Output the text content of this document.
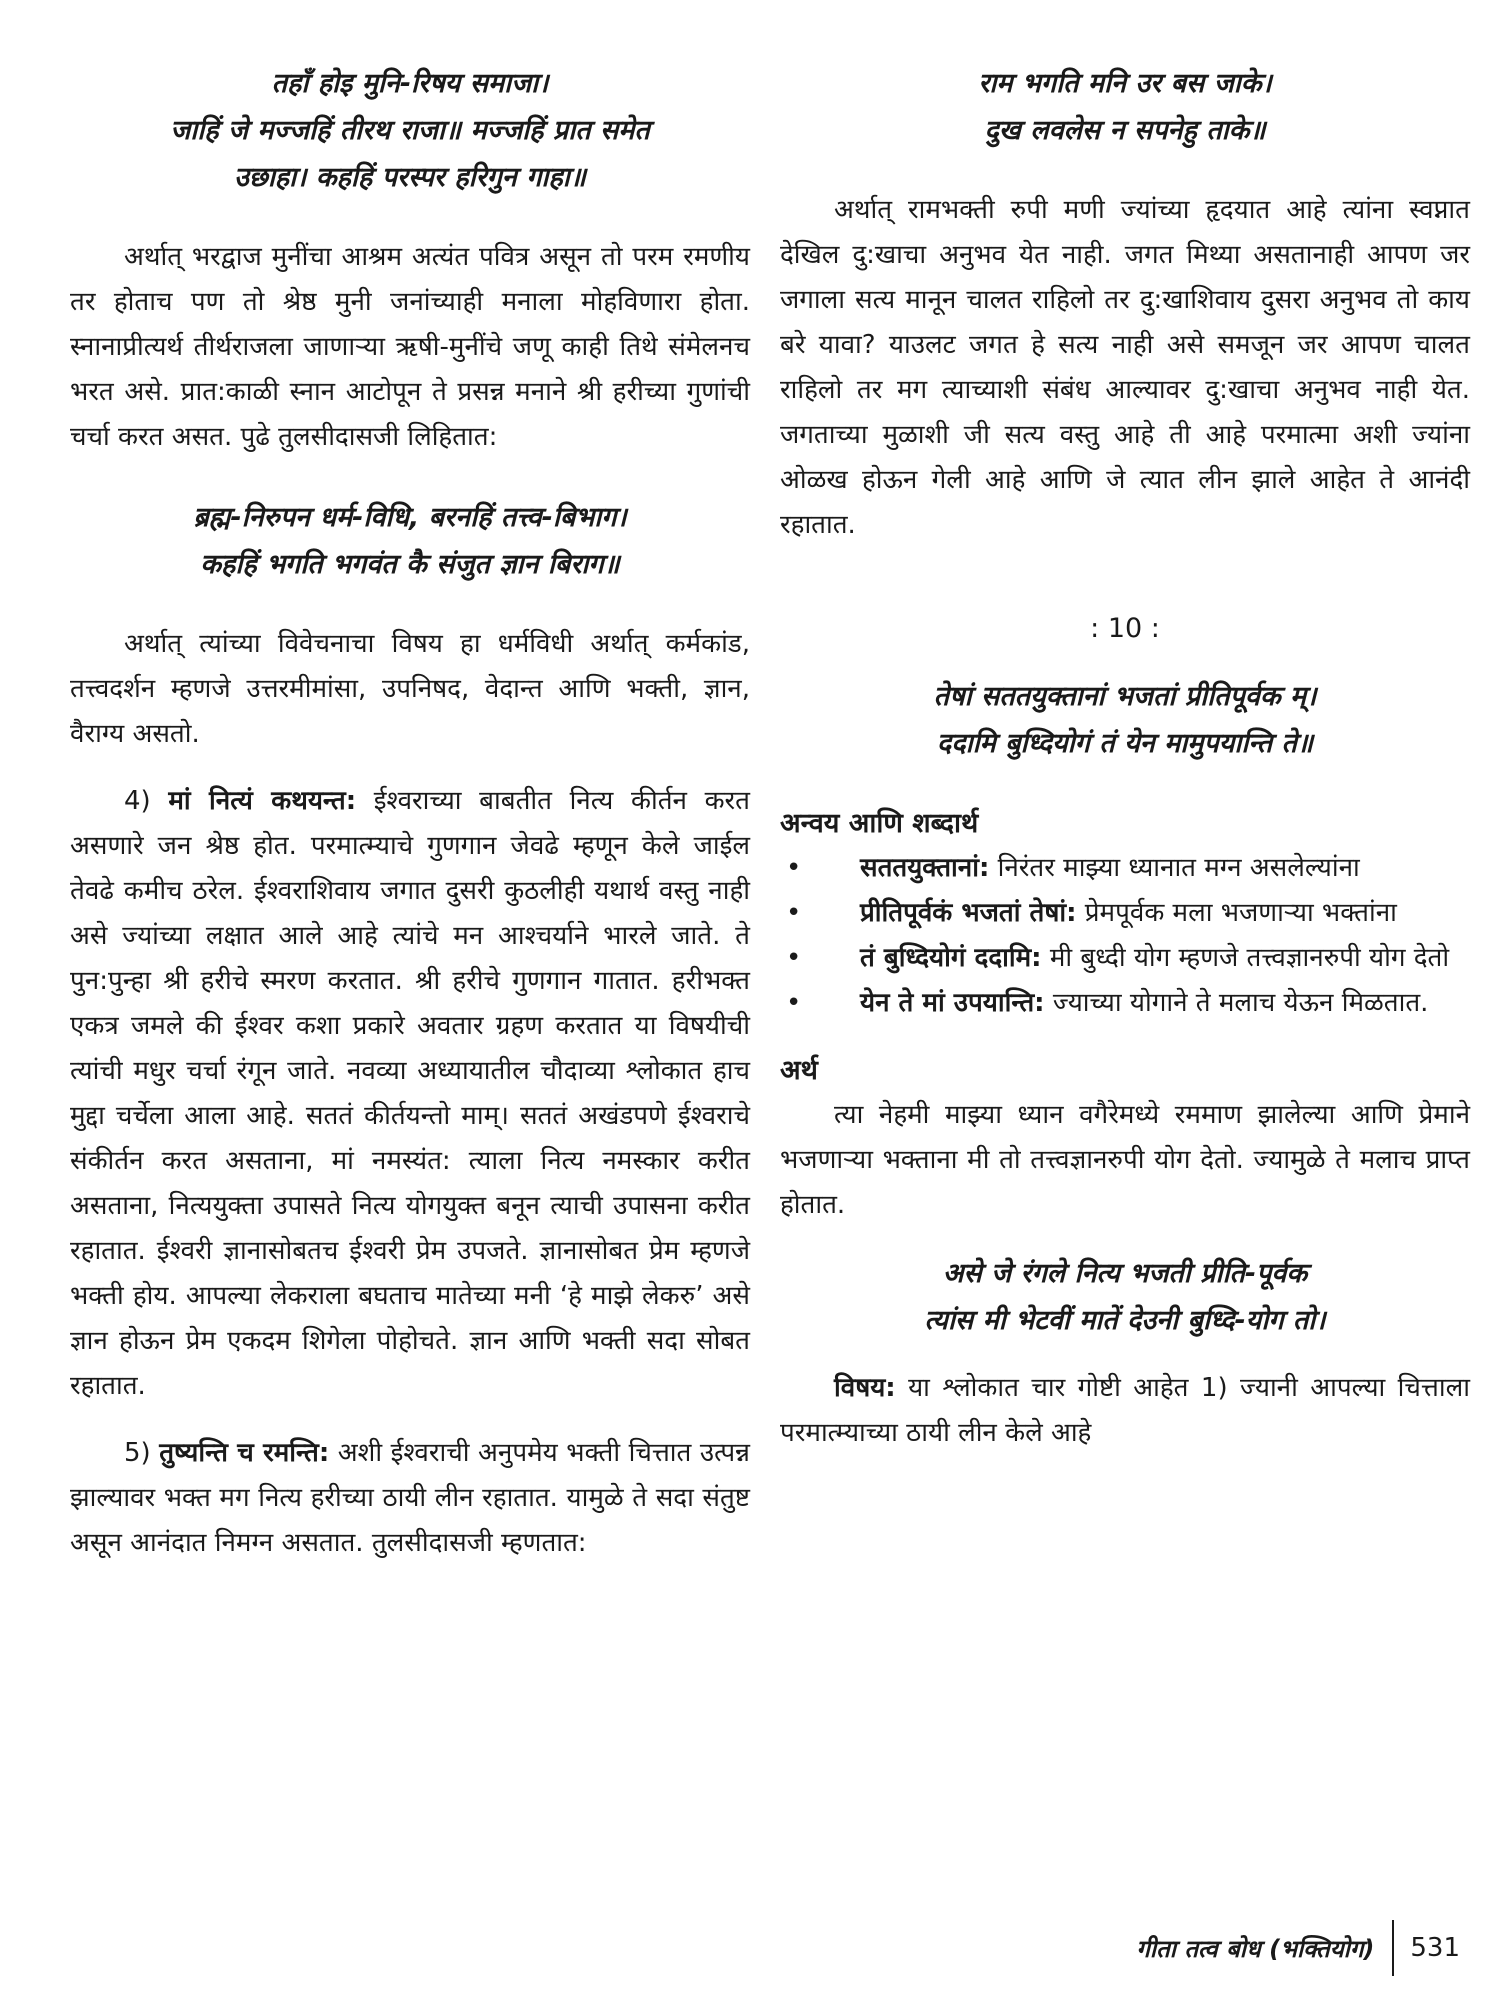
तहाँ होइ मुनि-रिषय समाजा।

जाहिं जे मज्जहिं तीरथ राजा॥ मज्जहिं प्रात समेत

उछाहा। कहहिं परस्पर हरिगुन गाहा॥

अर्थात् भरद्वाज मुनींचा आश्रम अत्यंत पवित्र असून तो परम रमणीय तर होताच पण तो श्रेष्ठ मुनी जनांच्याही मनाला मोहविणारा होता. स्नानाप्रीत्यर्थ तीर्थराजला जाणाऱ्या ऋषी-मुनींचे जणू काही तिथे संमेलनच भरत असे. प्रात:काळी स्नान आटोपून ते प्रसन्न मनाने श्री हरीच्या गुणांची चर्चा करत असत. पुढे तुलसीदासजी लिहितात:

ब्रह्म-निरुपन धर्म-विधि, बरनहिं तत्त्व-बिभाग।

कहहिं भगति भगवंत कै संजुत ज्ञान बिराग॥

अर्थात् त्यांच्या विवेचनाचा विषय हा धर्मविधी अर्थात् कर्मकांड, तत्त्वदर्शन म्हणजे उत्तरमीमांसा, उपनिषद, वेदान्त आणि भक्ती, ज्ञान, वैराग्य असतो.

4) मां नित्यं कथयन्त: ईश्वराच्या बाबतीत नित्य कीर्तन करत असणारे जन श्रेष्ठ होत. परमात्म्याचे गुणगान जेवढे म्हणून केले जाईल तेवढे कमीच ठरेल. ईश्वराशिवाय जगात दुसरी कुठलीही यथार्थ वस्तु नाही असे ज्यांच्या लक्षात आले आहे त्यांचे मन आश्चर्याने भारले जाते. ते पुन:पुन्हा श्री हरीचे स्मरण करतात. श्री हरीचे गुणगान गातात. हरीभक्त एकत्र जमले की ईश्वर कशा प्रकारे अवतार ग्रहण करतात या विषयीची त्यांची मधुर चर्चा रंगून जाते. नवव्या अध्यायातील चौदाव्या श्लोकात हाच मुद्दा चर्चेला आला आहे. सततं कीर्तयन्तो माम्। सततं अखंडपणे ईश्वराचे संकीर्तन करत असताना, मां नमस्यंत: त्याला नित्य नमस्कार करीत असताना, नित्ययुक्ता उपासते नित्य योगयुक्त बनून त्याची उपासना करीत रहातात. ईश्वरी ज्ञानासोबतच ईश्वरी प्रेम उपजते. ज्ञानासोबत प्रेम म्हणजे भक्ती होय. आपल्या लेकराला बघताच मातेच्या मनी ‘हे माझे लेकरु’ असे ज्ञान होऊन प्रेम एकदम शिगेला पोहोचते. ज्ञान आणि भक्ती सदा सोबत रहातात.

5) तुष्यन्ति च रमन्ति: अशी ईश्वराची अनुपमेय भक्ती चित्तात उत्पन्न झाल्यावर भक्त मग नित्य हरीच्या ठायी लीन रहातात. यामुळे ते सदा संतुष्ट असून आनंदात निमग्न असतात. तुलसीदासजी म्हणतात:

राम भगति मनि उर बस जाके।

दुख लवलेस न सपनेहु ताके॥

अर्थात् रामभक्ती रुपी मणी ज्यांच्या हृदयात आहे त्यांना स्वप्नात देखिल दु:खाचा अनुभव येत नाही. जगत मिथ्या असतानाही आपण जर जगाला सत्य मानून चालत राहिलो तर दु:खाशिवाय दुसरा अनुभव तो काय बरे यावा? याउलट जगत हे सत्य नाही असे समजून जर आपण चालत राहिलो तर मग त्याच्याशी संबंध आल्यावर दु:खाचा अनुभव नाही येत. जगताच्या मुळाशी जी सत्य वस्तु आहे ती आहे परमात्मा अशी ज्यांना ओळख होऊन गेली आहे आणि जे त्यात लीन झाले आहेत ते आनंदी रहातात.

: 10 :

तेषां सततयुक्तानां भजतां प्रीतिपूर्वक म्।

ददामि बुध्दियोगं तं येन मामुपयान्ति ते॥

अन्वय आणि शब्दार्थ

• सततयुक्तानां: निरंतर माझ्या ध्यानात मग्न असलेल्यांना
• प्रीतिपूर्वकं भजतां तेषां: प्रेमपूर्वक मला भजणाऱ्या भक्तांना
• तं बुध्दियोगं ददामि: मी बुध्दी योग म्हणजे तत्त्वज्ञानरुपी योग देतो
• येन ते मां उपयान्ति: ज्याच्या योगाने ते मलाच येऊन मिळतात.

अर्थ

त्या नेहमी माझ्या ध्यान वगैरेमध्ये रममाण झालेल्या आणि प्रेमाने भजणाऱ्या भक्ताना मी तो तत्त्वज्ञानरुपी योग देतो. ज्यामुळे ते मलाच प्राप्त होतात.

असे जे रंगले नित्य भजती प्रीति-पूर्वक

त्यांस मी भेटवीं मातें देउनी बुध्दि-योग तो।

विषय: या श्लोकात चार गोष्टी आहेत 1) ज्यानी आपल्या चित्ताला परमात्म्याच्या ठायी लीन केले आहे

गीता तत्व बोध (भक्तियोग) 531
